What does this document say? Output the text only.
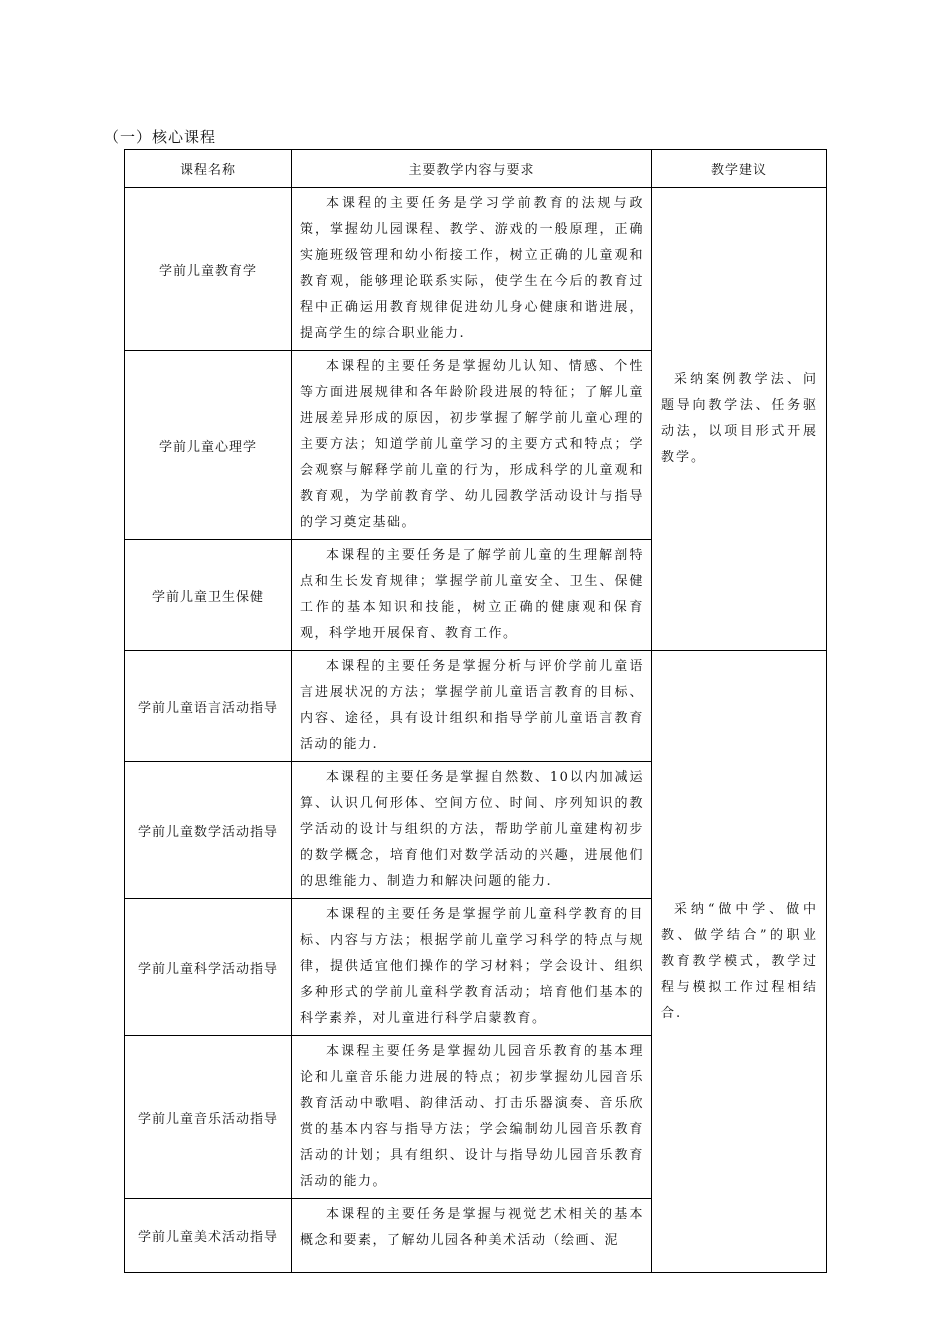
（一）核心课程
课程名称	主要教学内容与要求	教学建议
学前儿童教育学	本课程的主要任务是学习学前教育的法规与政策，掌握幼儿园课程、教学、游戏的一般原理，正确实施班级管理和幼小衔接工作，树立正确的儿童观和教育观，能够理论联系实际，使学生在今后的教育过程中正确运用教育规律促进幼儿身心健康和谐进展，提高学生的综合职业能力.	采纳案例教学法、问题导向教学法、任务驱动法，以项目形式开展教学。

学前儿童心理学	本课程的主要任务是掌握幼儿认知、情感、个性等方面进展规律和各年龄阶段进展的特征；了解儿童进展差异形成的原因，初步掌握了解学前儿童心理的主要方法；知道学前儿童学习的主要方式和特点；学会观察与解释学前儿童的行为，形成科学的儿童观和教育观，为学前教育学、幼儿园教学活动设计与指导的学习奠定基础。	

学前儿童卫生保健	本课程的主要任务是了解学前儿童的生理解剖特点和生长发育规律；掌握学前儿童安全、卫生、保健工作的基本知识和技能，树立正确的健康观和保育观，科学地开展保育、教育工作。	

学前儿童语言活动指导	本课程的主要任务是掌握分析与评价学前儿童语言进展状况的方法；掌握学前儿童语言教育的目标、内容、途径，具有设计组织和指导学前儿童语言教育活动的能力.	采纳“做中学、做中教、做学结合”的职业教育教学模式，教学过程与模拟工作过程相结合.

学前儿童数学活动指导	本课程的主要任务是掌握自然数、10以内加减运算、认识几何形体、空间方位、时间、序列知识的教学活动的设计与组织的方法，帮助学前儿童建构初步的数学概念，培育他们对数学活动的兴趣，进展他们的思维能力、制造力和解决问题的能力.	

学前儿童科学活动指导	本课程的主要任务是掌握学前儿童科学教育的目标、内容与方法；根据学前儿童学习科学的特点与规律，提供适宜他们操作的学习材料；学会设计、组织多种形式的学前儿童科学教育活动；培育他们基本的科学素养，对儿童进行科学启蒙教育。	

学前儿童音乐活动指导	本课程主要任务是掌握幼儿园音乐教育的基本理论和儿童音乐能力进展的特点；初步掌握幼儿园音乐教育活动中歌唱、韵律活动、打击乐器演奏、音乐欣赏的基本内容与指导方法；学会编制幼儿园音乐教育活动的计划；具有组织、设计与指导幼儿园音乐教育活动的能力。	

学前儿童美术活动指导	本课程的主要任务是掌握与视觉艺术相关的基本概念和要素，了解幼儿园各种美术活动（绘画、泥	
